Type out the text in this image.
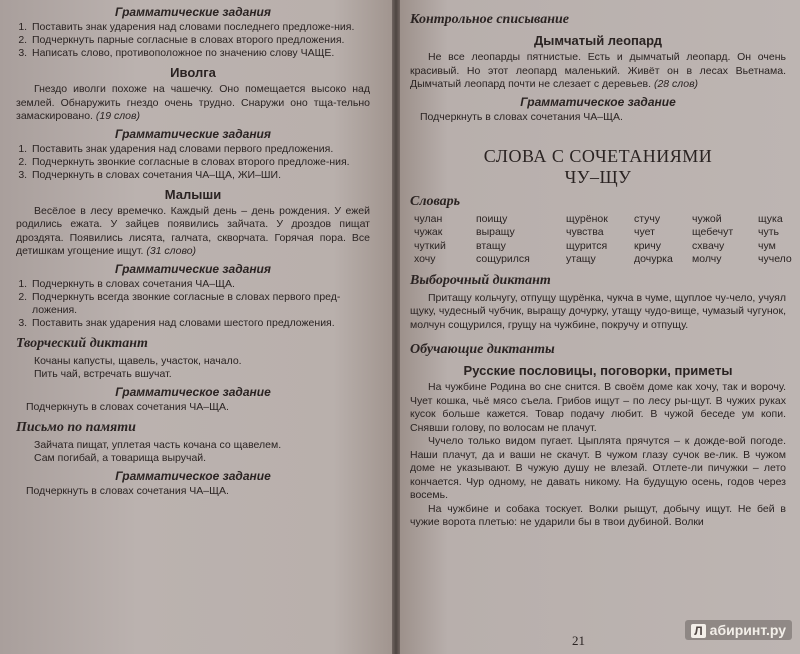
Грамматические задания
1. Поставить знак ударения над словами последнего предложе-ния.
2. Подчеркнуть парные согласные в словах второго предложения.
3. Написать слово, противоположное по значению слову ЧАЩЕ.
Иволга

Гнездо иволги похоже на чашечку. Оно помещается высоко над землей. Обнаружить гнездо очень трудно. Снаружи оно тща-тельно замаскировано. (19 слов)

Грамматические задания
1. Поставить знак ударения над словами первого предложения.
2. Подчеркнуть звонкие согласные в словах второго предложе-ния.
3. Подчеркнуть в словах сочетания ЧА–ЩА, ЖИ–ШИ.
Малыши

Весёлое в лесу времечко. Каждый день – день рождения. У ежей родились ежата. У зайцев появились зайчата. У дроздов пищат дроздята. Появились лисята, галчата, скворчата. Горячая пора. Все детишкам угощение ищут. (31 слово)

Грамматические задания
1. Подчеркнуть в словах сочетания ЧА–ЩА.
2. Подчеркнуть всегда звонкие согласные в словах первого пред-ложения.
3. Поставить знак ударения над словами шестого предложения.
Творческий диктант

Кочаны капусты, щавель, участок, начало.

Пить чай, встречать вшучат.

Грамматическое задание

Подчеркнуть в словах сочетания ЧА–ЩА.

Письмо по памяти

Зайчата пищат, уплетая часть кочана со щавелем.

Сам погибай, а товарища выручай.

Грамматическое задание

Подчеркнуть в словах сочетания ЧА–ЩА.

Контрольное списывание
Дымчатый леопард

Не все леопарды пятнистые. Есть и дымчатый леопард. Он очень красивый. Но этот леопард маленький. Живёт он в лесах Вьетнама. Дымчатый леопард почти не слезает с деревьев. (28 слов)

Грамматическое задание

Подчеркнуть в словах сочетания ЧА–ЩА.

СЛОВА С СОЧЕТАНИЯМИ
ЧУ–ЩУ
Словарь
чулан	поищу	щурёнок	стучу	чужой	щука
чужак	выращу	чувства	чует	щебечут	чуть
чуткий	втащу	щурится	кричу	схвачу	чум
хочу	сощурился	утащу	дочурка	молчу	чучело
Выборочный диктант

Притащу кольчугу, отпущу щурёнка, чукча в чуме, щуплое чу-чело, учуял щуку, чудесный чубчик, выращу дочурку, утащу чудо-вище, чумазый чугунок, молчун сощурился, грущу на чужбине, покручу и отпущу.

Обучающие диктанты
Русские пословицы, поговорки, приметы

На чужбине Родина во сне снится. В своём доме как хочу, так и ворочу. Чует кошка, чьё мясо съела. Грибов ищут – по лесу ры-щут. В чужих руках кусок больше кажется. Товар подачу любит. В чужой беседе ум копи. Снявши голову, по волосам не плачут.

Чучело только видом пугает. Цыплята прячутся – к дожде-вой погоде. Наши плачут, да и ваши не скачут. В чужом глазу сучок ве-лик. В чужом доме не указывают. В чужую душу не влезай. Отлете-ли пичужки – лето кончается. Чур одному, не давать никому. На будущую осень, годов через восемь.

На чужбине и собака тоскует. Волки рыщут, добычу ищут. Не бей в чужие ворота плетью: не ударили бы в твои дубиной. Волки

21
Л абиринт.ру
